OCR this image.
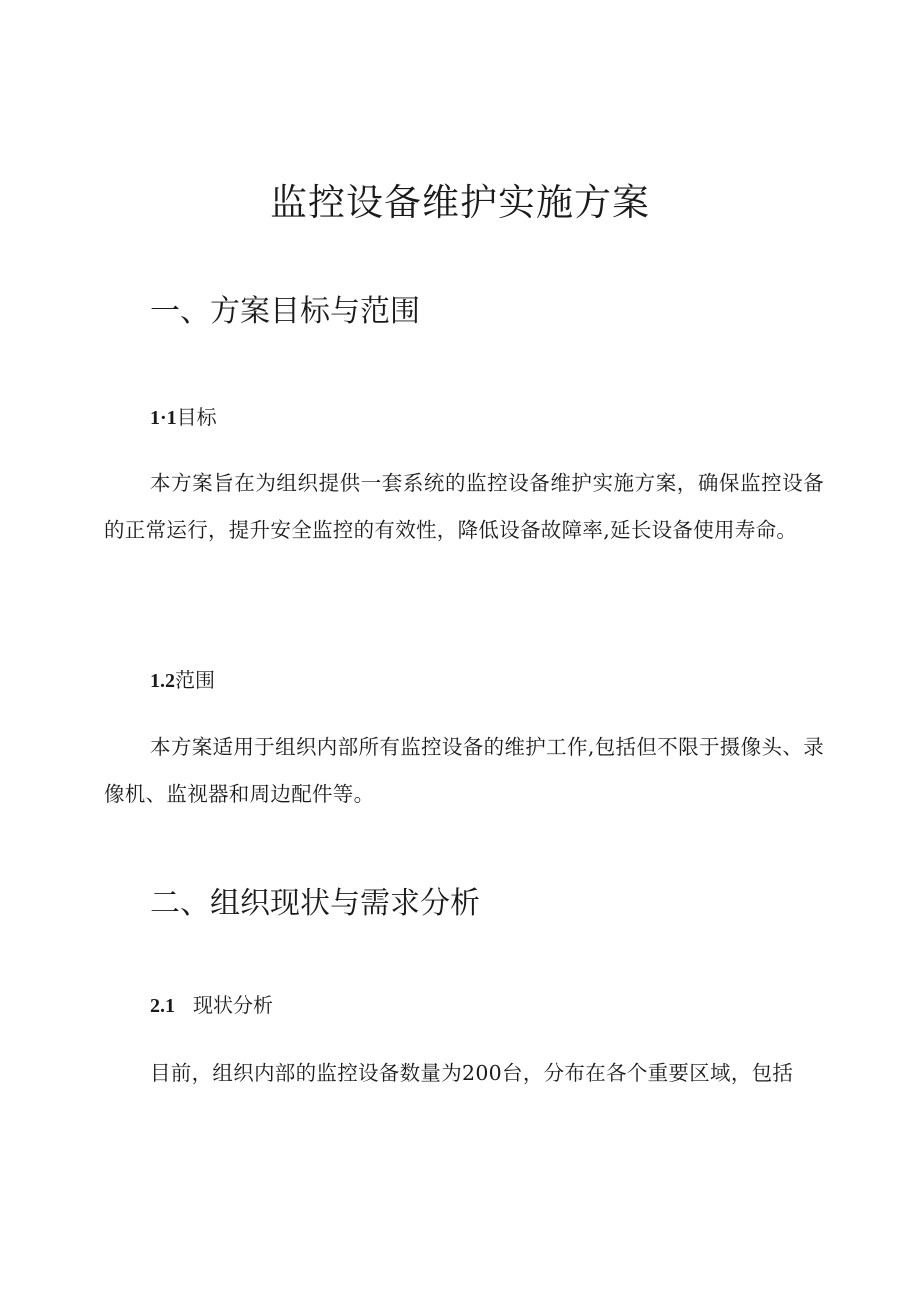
监控设备维护实施方案
一、方案目标与范围
1·1目标

本方案旨在为组织提供一套系统的监控设备维护实施方案，确保监控设备的正常运行，提升安全监控的有效性，降低设备故障率,延长设备使用寿命。

1.2范围

本方案适用于组织内部所有监控设备的维护工作,包括但不限于摄像头、录像机、监视器和周边配件等。

二、组织现状与需求分析
2.1 现状分析

目前，组织内部的监控设备数量为200台，分布在各个重要区域，包括
